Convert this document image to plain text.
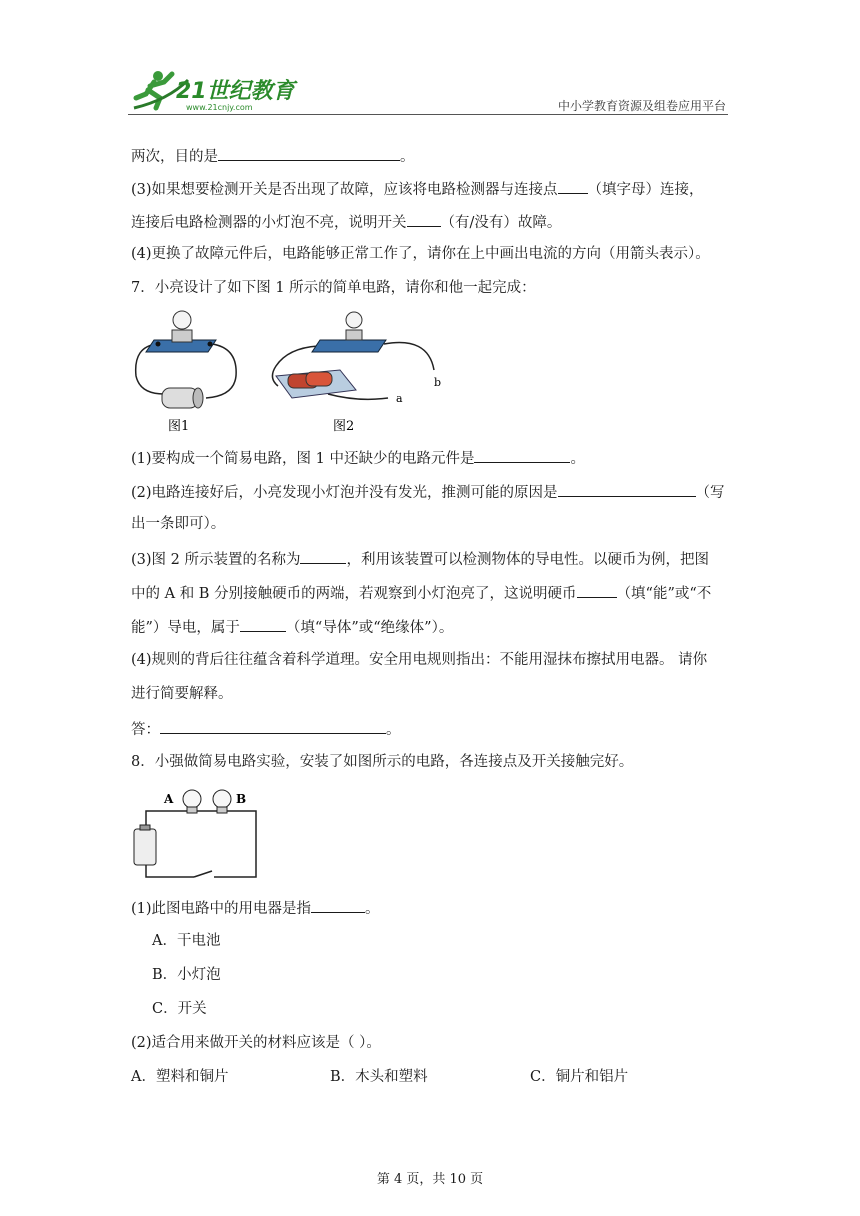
21世纪教育
www.21cnjy.com	中小学教育资源及组卷应用平台
两次，目的是	。
(3)如果想要检测开关是否出现了故障，应该将电路检测器与连接点 （填字母）连接，
连接后电路检测器的小灯泡不亮，说明开关 （有/没有）故障。
(4)更换了故障元件后，电路能够正常工作了，请你在上中画出电流的方向（用箭头表示）。
7．小亮设计了如下图 1 所示的简单电路，请你和他一起完成：
图1
a
b
图2
(1)要构成一个简易电路，图 1 中还缺少的电路元件是	。
(2)电路连接好后，小亮发现小灯泡并没有发光，推测可能的原因是	（写
出一条即可）。
(3)图 2 所示装置的名称为	，利用该装置可以检测物体的导电性。以硬币为例，把图
中的 A 和 B 分别接触硬币的两端，若观察到小灯泡亮了，这说明硬币	（填“能”或“不
能”）导电，属于	（填“导体”或“绝缘体”）。
(4)规则的背后往往蕴含着科学道理。安全用电规则指出：不能用湿抹布擦拭用电器。 请你
进行简要解释。
答：	。
8．小强做简易电路实验，安装了如图所示的电路，各连接点及开关接触完好。
A	B
(1)此图电路中的用电器是指	。
A．干电池
B．小灯泡
C．开关
(2)适合用来做开关的材料应该是（ ）。
A．塑料和铜片	B．木头和塑料	C．铜片和铝片
第 4 页，共 10 页
